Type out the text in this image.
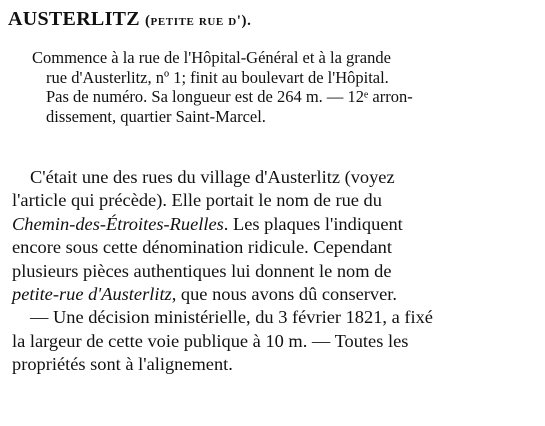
AUSTERLITZ (petite rue d').
Commence à la rue de l'Hôpital-Général et à la grande
rue d'Austerlitz, nº 1; finit au boulevart de l'Hôpital.
Pas de numéro. Sa longueur est de 264 m. — 12ᵉ arron-
dissement, quartier Saint-Marcel.
C'était une des rues du village d'Austerlitz (voyez
l'article qui précède). Elle portait le nom de rue du
Chemin-des-Étroites-Ruelles. Les plaques l'indiquent
encore sous cette dénomination ridicule. Cependant
plusieurs pièces authentiques lui donnent le nom de
petite-rue d'Austerlitz, que nous avons dû conserver.
— Une décision ministérielle, du 3 février 1821, a fixé
la largeur de cette voie publique à 10 m. — Toutes les
propriétés sont à l'alignement.
